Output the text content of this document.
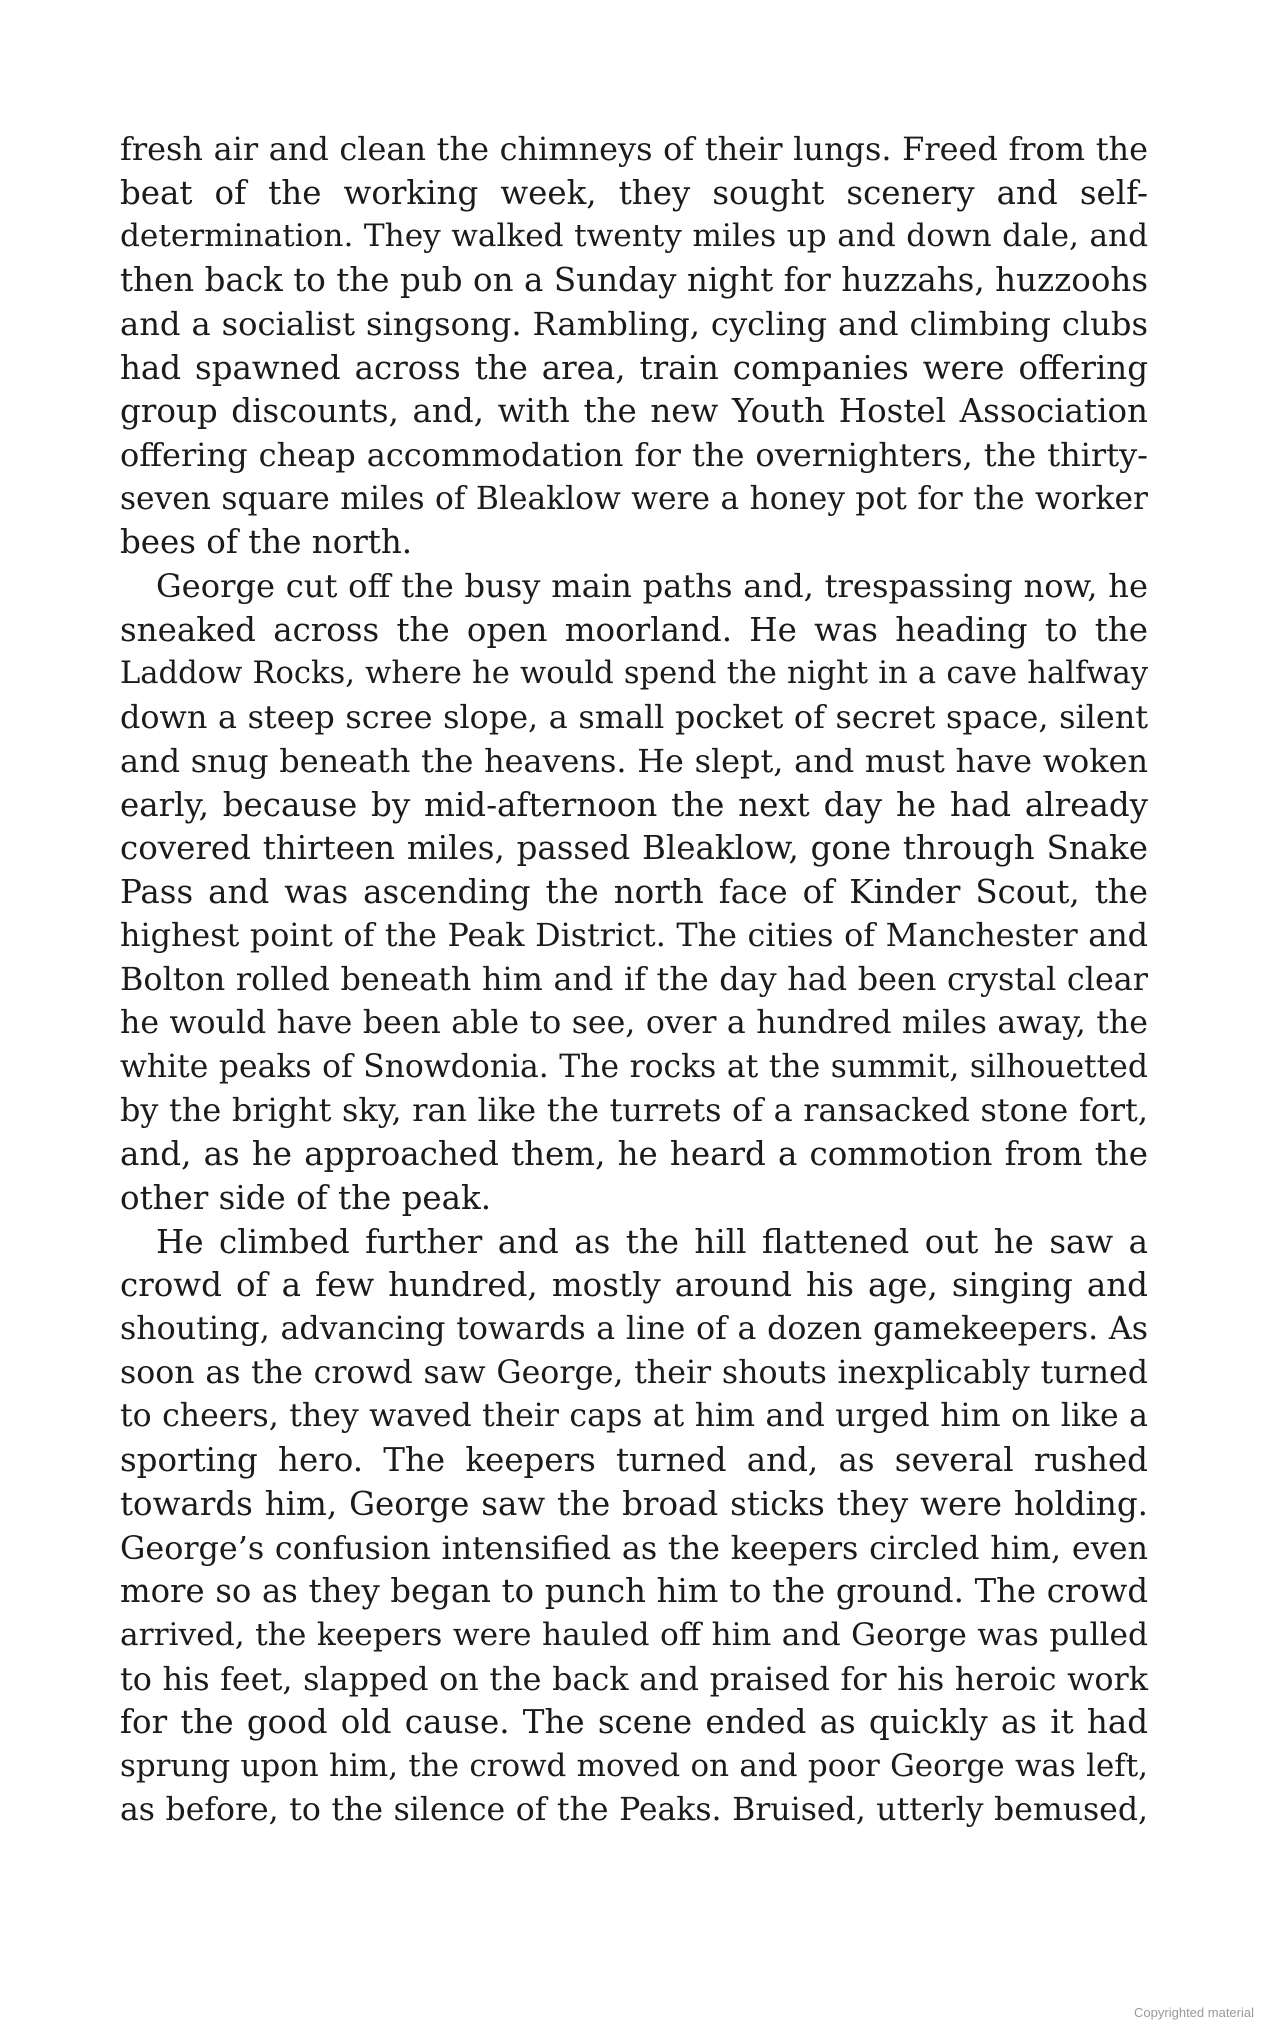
fresh air and clean the chimneys of their lungs. Freed from the
beat of the working week, they sought scenery and self-
determination. They walked twenty miles up and down dale, and
then back to the pub on a Sunday night for huzzahs, huzzoohs
and a socialist singsong. Rambling, cycling and climbing clubs
had spawned across the area, train companies were offering
group discounts, and, with the new Youth Hostel Association
offering cheap accommodation for the overnighters, the thirty-
seven square miles of Bleaklow were a honey pot for the worker
bees of the north.

George cut off the busy main paths and, trespassing now, he
sneaked across the open moorland. He was heading to the
Laddow Rocks, where he would spend the night in a cave halfway
down a steep scree slope, a small pocket of secret space, silent
and snug beneath the heavens. He slept, and must have woken
early, because by mid-afternoon the next day he had already
covered thirteen miles, passed Bleaklow, gone through Snake
Pass and was ascending the north face of Kinder Scout, the
highest point of the Peak District. The cities of Manchester and
Bolton rolled beneath him and if the day had been crystal clear
he would have been able to see, over a hundred miles away, the
white peaks of Snowdonia. The rocks at the summit, silhouetted
by the bright sky, ran like the turrets of a ransacked stone fort,
and, as he approached them, he heard a commotion from the
other side of the peak.

He climbed further and as the hill flattened out he saw a
crowd of a few hundred, mostly around his age, singing and
shouting, advancing towards a line of a dozen gamekeepers. As
soon as the crowd saw George, their shouts inexplicably turned
to cheers, they waved their caps at him and urged him on like a
sporting hero. The keepers turned and, as several rushed
towards him, George saw the broad sticks they were holding.
George’s confusion intensified as the keepers circled him, even
more so as they began to punch him to the ground. The crowd
arrived, the keepers were hauled off him and George was pulled
to his feet, slapped on the back and praised for his heroic work
for the good old cause. The scene ended as quickly as it had
sprung upon him, the crowd moved on and poor George was left,
as before, to the silence of the Peaks. Bruised, utterly bemused,

Copyrighted material
